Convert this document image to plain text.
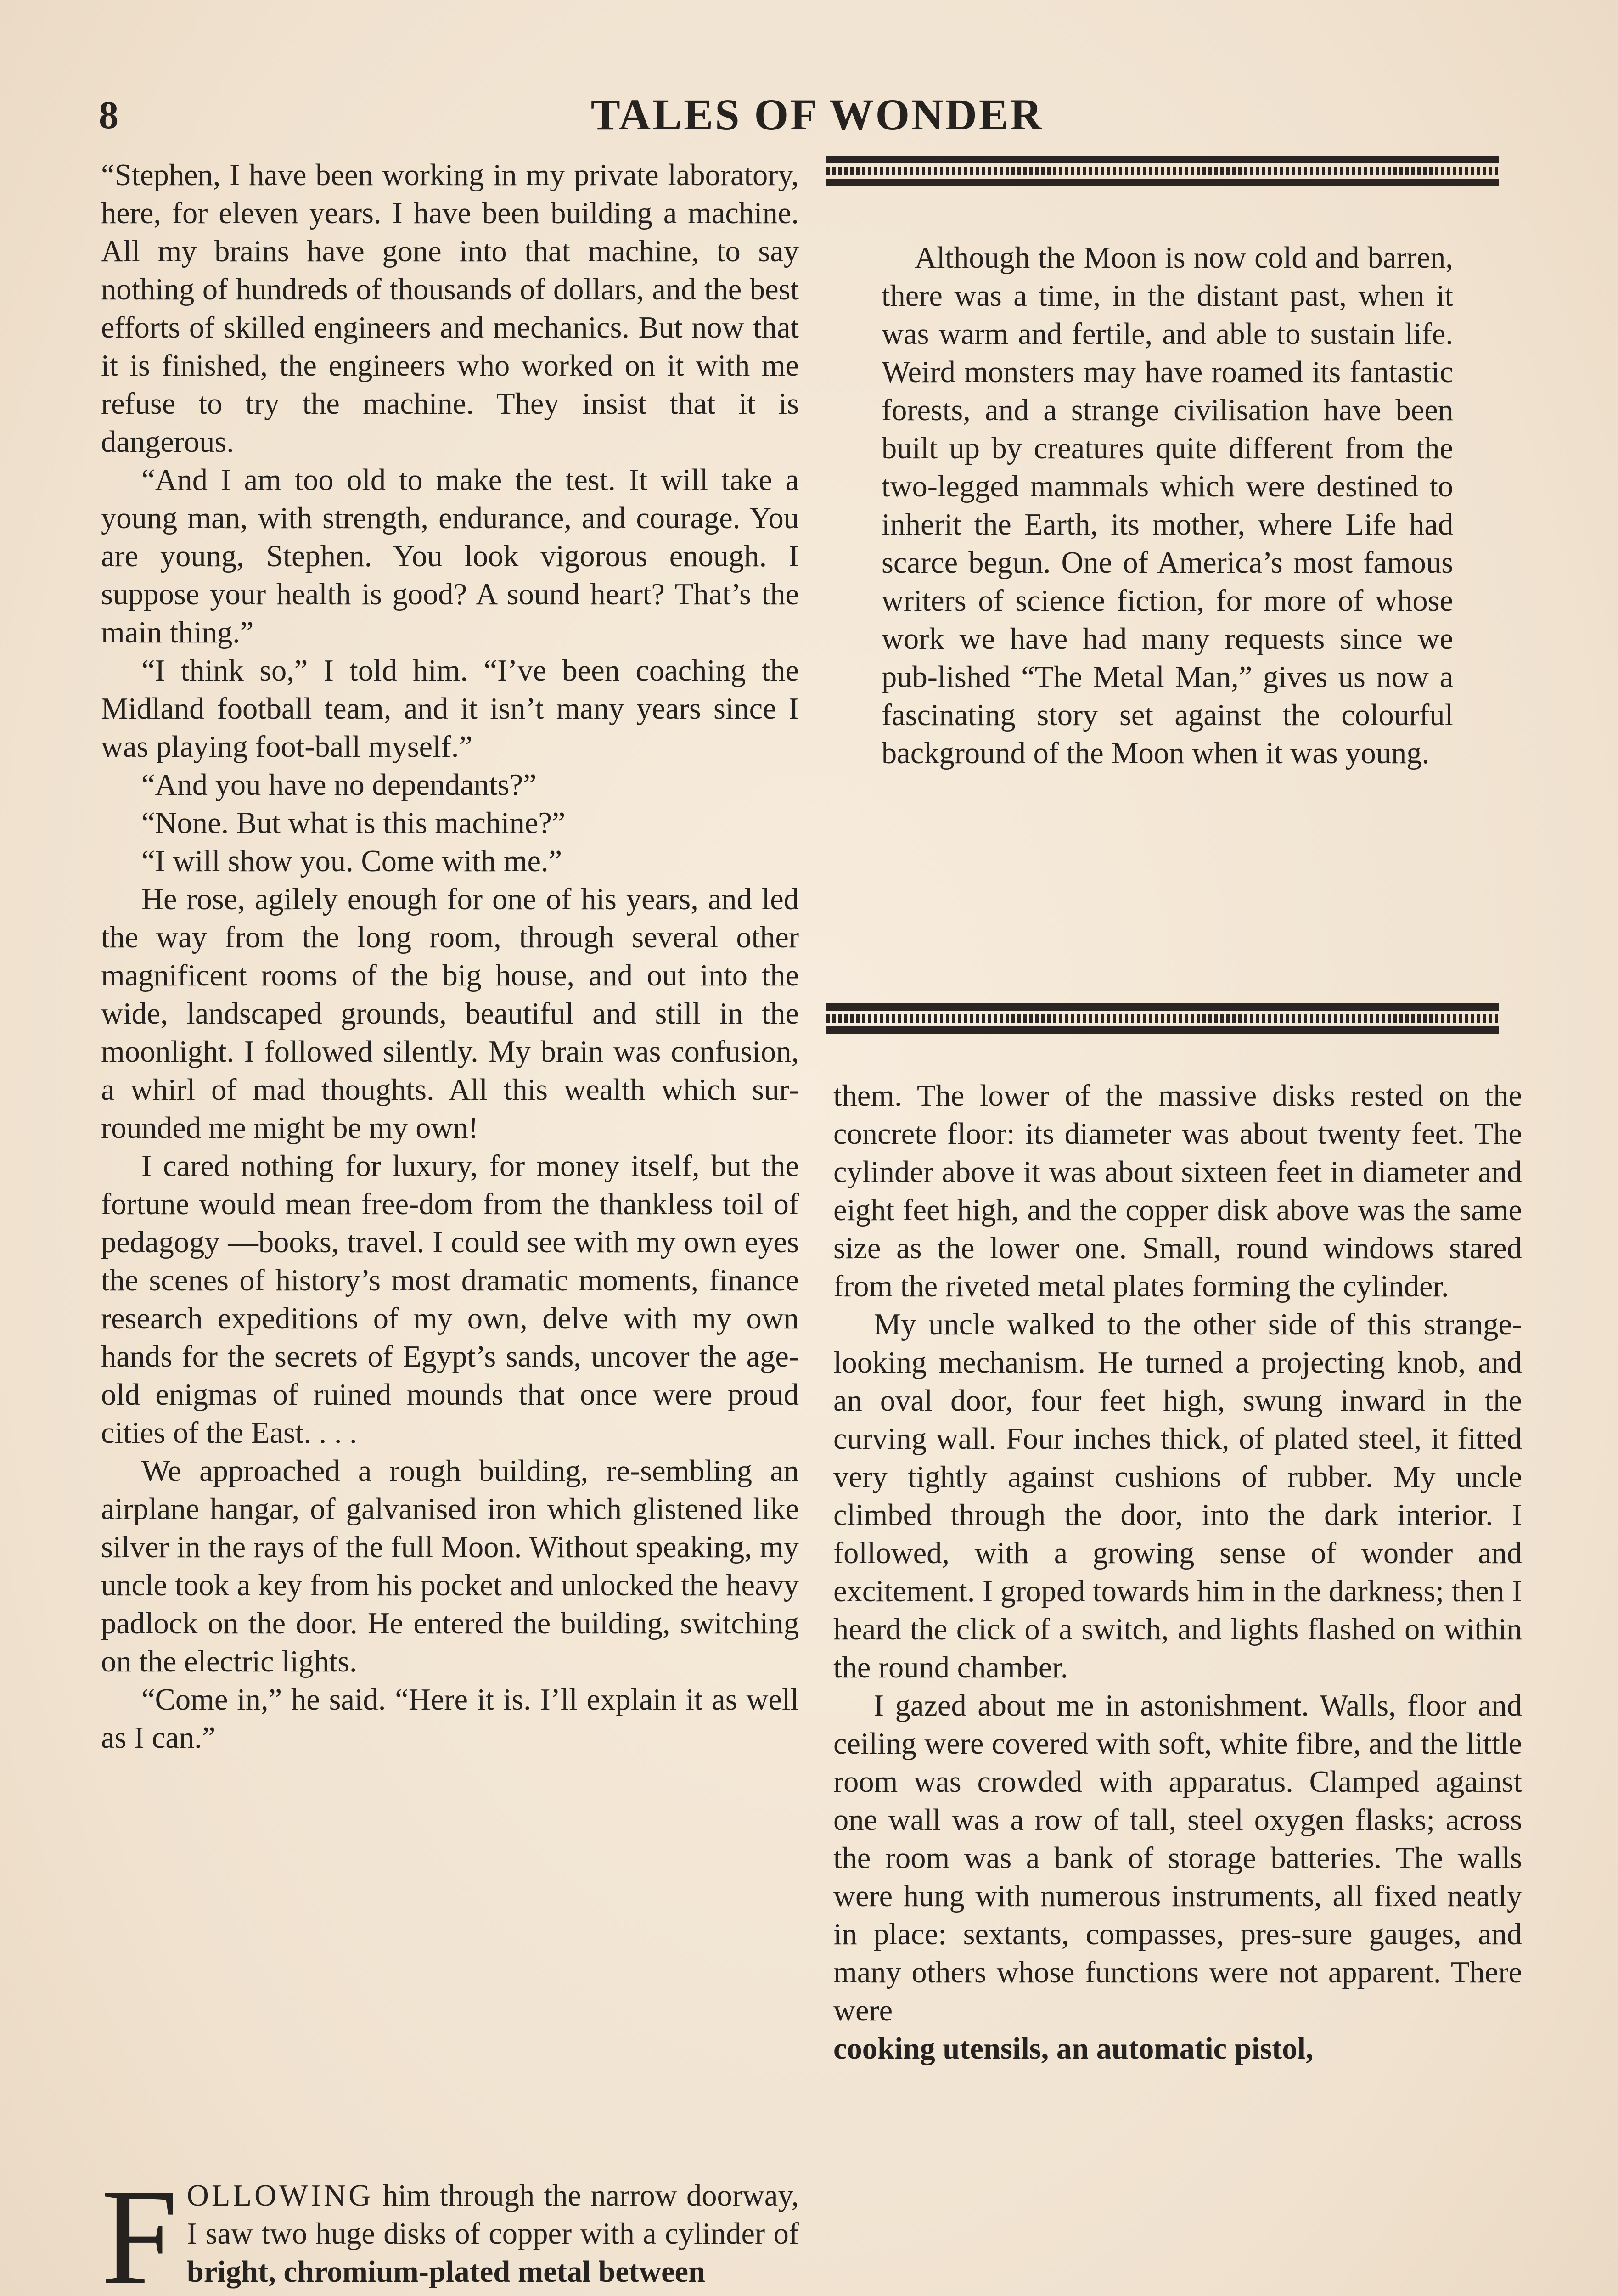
8	TALES OF WONDER

“Stephen, I have been working in my private laboratory, here, for eleven years. I have been building a machine. All my brains have gone into that machine, to say nothing of hundreds of thousands of dollars, and the best efforts of skilled engineers and mechanics. But now that it is finished, the engineers who worked on it with me refuse to try the machine. They insist that it is dangerous.

“And I am too old to make the test. It will take a young man, with strength, endurance, and courage. You are young, Stephen. You look vigorous enough. I suppose your health is good? A sound heart? That’s the main thing.”

“I think so,” I told him. “I’ve been coaching the Midland football team, and it isn’t many years since I was playing foot-ball myself.”

“And you have no dependants?”

“None. But what is this machine?”

“I will show you. Come with me.”

He rose, agilely enough for one of his years, and led the way from the long room, through several other magnificent rooms of the big house, and out into the wide, landscaped grounds, beautiful and still in the moonlight. I followed silently. My brain was confusion, a whirl of mad thoughts. All this wealth which sur-rounded me might be my own!

I cared nothing for luxury, for money itself, but the fortune would mean free-dom from the thankless toil of pedagogy —books, travel. I could see with my own eyes the scenes of history’s most dramatic moments, finance research expeditions of my own, delve with my own hands for the secrets of Egypt’s sands, uncover the age-old enigmas of ruined mounds that once were proud cities of the East. . . .

We approached a rough building, re-sembling an airplane hangar, of galvanised iron which glistened like silver in the rays of the full Moon. Without speaking, my uncle took a key from his pocket and unlocked the heavy padlock on the door. He entered the building, switching on the electric lights.

“Come in,” he said. “Here it is. I’ll explain it as well as I can.”

FOLLOWING him through the narrow doorway, I saw two huge disks of copper with a cylinder of bright, chromium-plated metal between

Although the Moon is now cold and barren, there was a time, in the distant past, when it was warm and fertile, and able to sustain life. Weird monsters may have roamed its fantastic forests, and a strange civilisation have been built up by creatures quite different from the two-legged mammals which were destined to inherit the Earth, its mother, where Life had scarce begun. One of America’s most famous writers of science fiction, for more of whose work we have had many requests since we pub-lished “The Metal Man,” gives us now a fascinating story set against the colourful background of the Moon when it was young.

them. The lower of the massive disks rested on the concrete floor: its diameter was about twenty feet. The cylinder above it was about sixteen feet in diameter and eight feet high, and the copper disk above was the same size as the lower one. Small, round windows stared from the riveted metal plates forming the cylinder.

My uncle walked to the other side of this strange-looking mechanism. He turned a projecting knob, and an oval door, four feet high, swung inward in the curving wall. Four inches thick, of plated steel, it fitted very tightly against cushions of rubber. My uncle climbed through the door, into the dark interior. I followed, with a growing sense of wonder and excitement. I groped towards him in the darkness; then I heard the click of a switch, and lights flashed on within the round chamber.

I gazed about me in astonishment. Walls, floor and ceiling were covered with soft, white fibre, and the little room was crowded with apparatus. Clamped against one wall was a row of tall, steel oxygen flasks; across the room was a bank of storage batteries. The walls were hung with numerous instruments, all fixed neatly in place: sextants, compasses, pres-sure gauges, and many others whose functions were not apparent. There were

cooking utensils, an automatic pistol,
